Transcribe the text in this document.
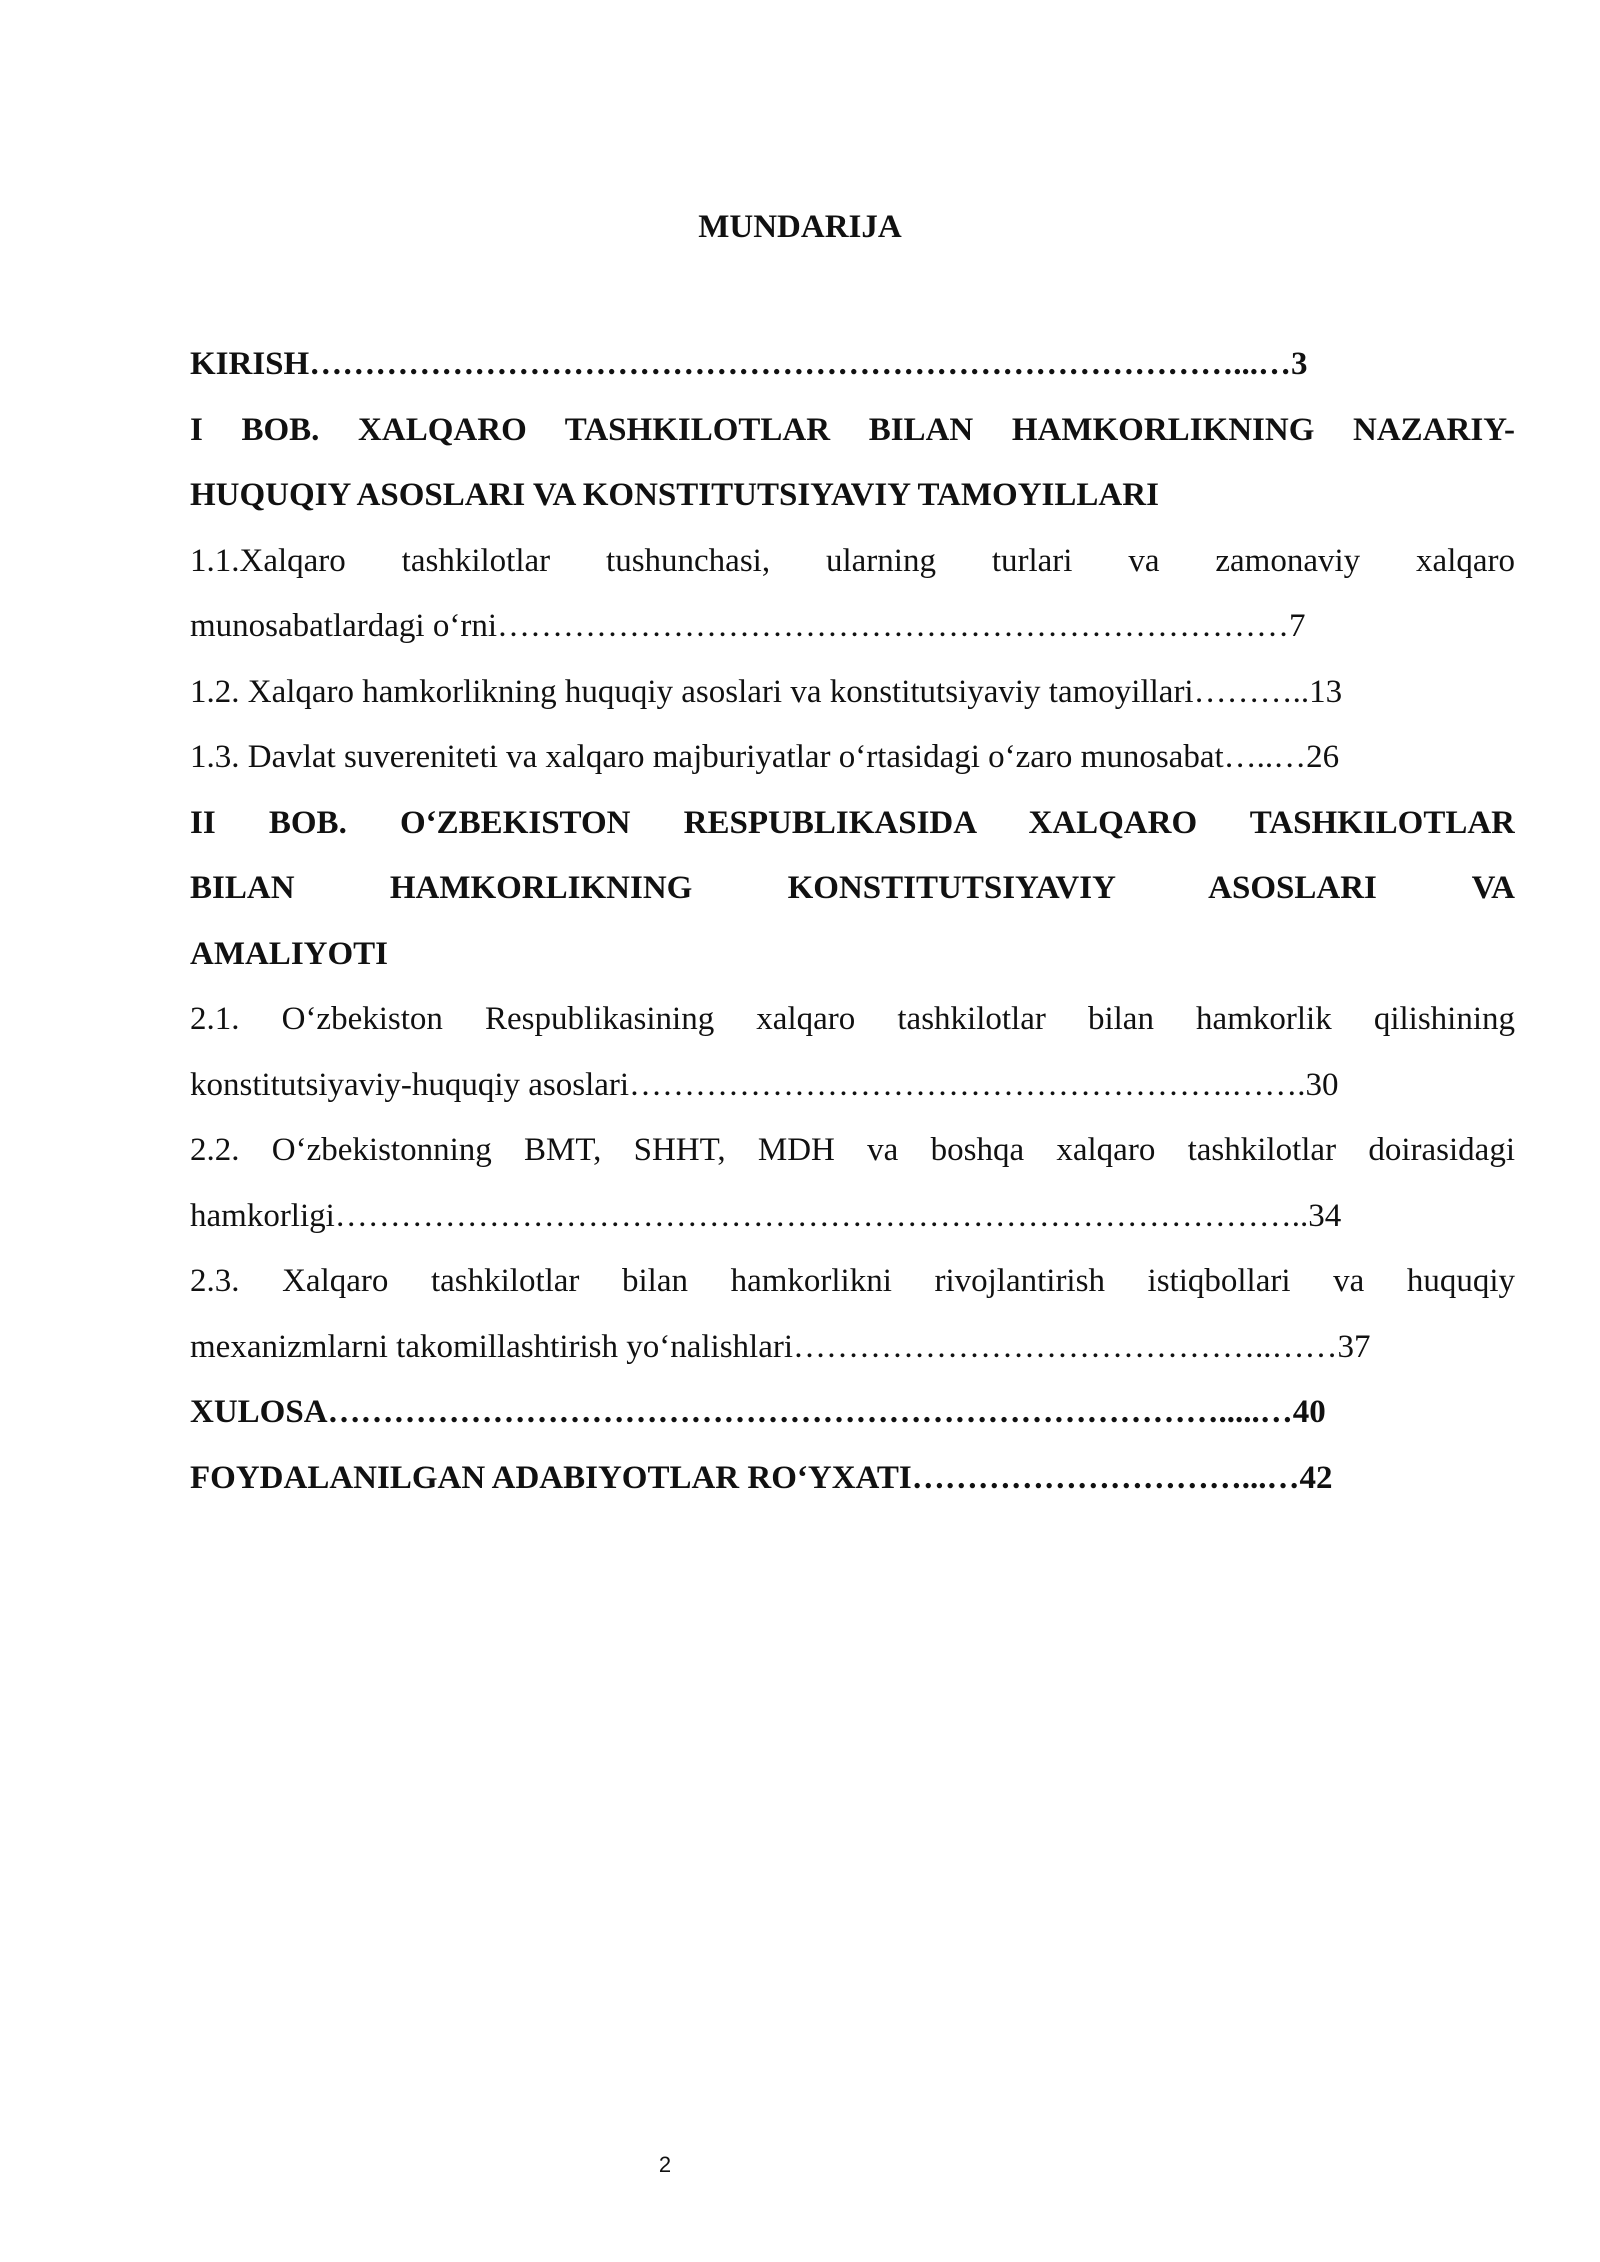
MUNDARIJA
KIRISH…………………………………………………………………………...…3
I BOB. XALQARO TASHKILOTLAR BILAN HAMKORLIKNING NAZARIY-
HUQUQIY ASOSLARI VA KONSTITUTSIYAVIY TAMOYILLARI
1.1.Xalqaro tashkilotlar tushunchasi, ularning turlari va zamonaviy xalqaro
munosabatlardagi o‘rni………………………………………………………………7
1.2. Xalqaro hamkorlikning huquqiy asoslari va konstitutsiyaviy tamoyillari………..13
1.3. Davlat suvereniteti va xalqaro majburiyatlar o‘rtasidagi o‘zaro munosabat…..…26
II BOB. O‘ZBEKISTON RESPUBLIKASIDA XALQARO TASHKILOTLAR
BILAN HAMKORLIKNING KONSTITUTSIYAVIY ASOSLARI VA
AMALIYOTI
2.1. O‘zbekiston Respublikasining xalqaro tashkilotlar bilan hamkorlik qilishining
konstitutsiyaviy-huquqiy asoslari……………………………………………….…….30
2.2. O‘zbekistonning BMT, SHHT, MDH va boshqa xalqaro tashkilotlar doirasidagi
hamkorligi……………………………………………………………………………..34
2.3. Xalqaro tashkilotlar bilan hamkorlikni rivojlantirish istiqbollari va huquqiy
mexanizmlarni takomillashtirish yo‘nalishlari……………………………………..……37
XULOSA……………………………………………………………………….....…40
FOYDALANILGAN ADABIYOTLAR RO‘YXATI…………………………...…42
2
